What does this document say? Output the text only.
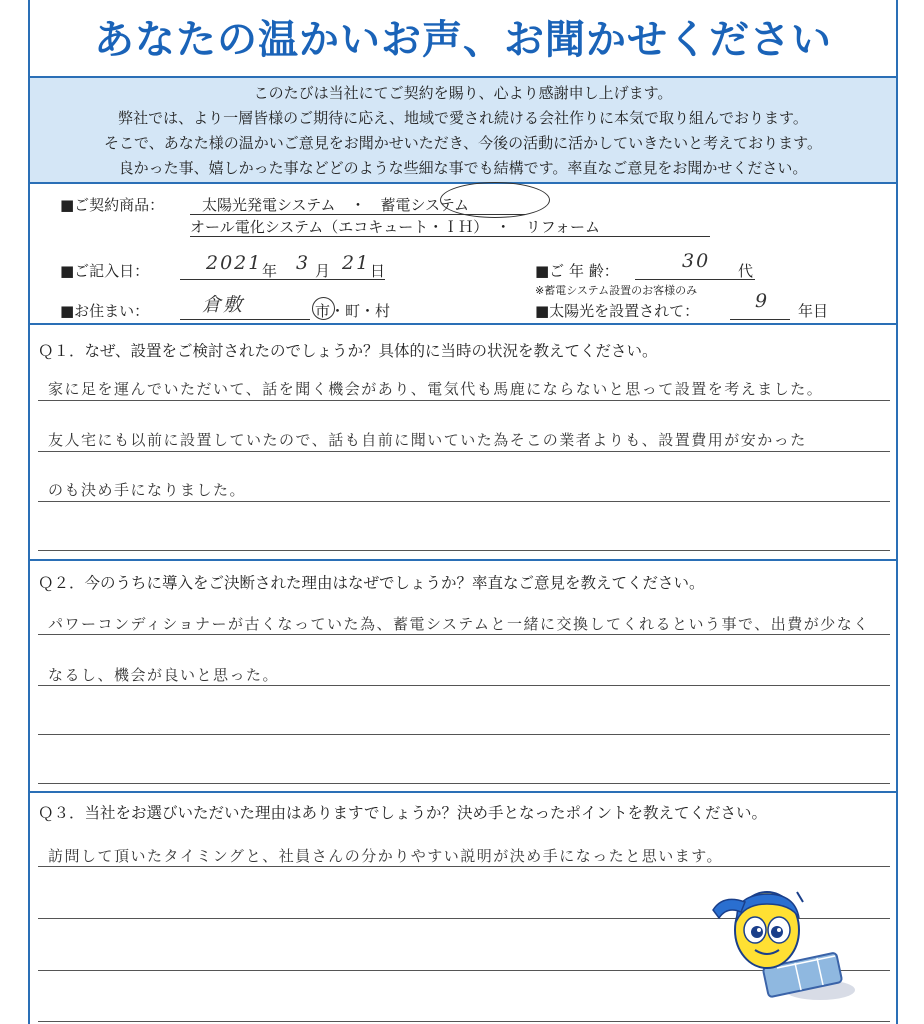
あなたの温かいお声、お聞かせください

このたびは当社にてご契約を賜り、心より感謝申し上げます。

弊社では、より一層皆様のご期待に応え、地域で愛され続ける会社作りに本気で取り組んでおります。

そこで、あなた様の温かいご意見をお聞かせいただき、今後の活動に活かしていきたいと考えております。

良かった事、嬉しかった事などどのような些細な事でも結構です。率直なご意見をお聞かせください。

■ご契約商品：	太陽光発電システム　・　蓄電システム
オール電化システム（エコキュート・ＩＨ）　・　リフォーム
■ご記入日：	2021 年 3 月 21 日	■ご 年 齢：	30 代
※蓄電システム設置のお客様のみ
■お住まい：	倉敷	市・町・村	■太陽光を設置されて：	9 年目
Ｑ１．なぜ、設置をご検討されたのでしょうか？具体的に当時の状況を教えてください。
家に足を運んでいただいて、話を聞く機会があり、電気代も馬鹿にならないと思って設置を考えました。
友人宅にも以前に設置していたので、話も自前に聞いていた為そこの業者よりも、設置費用が安かった
のも決め手になりました。
Ｑ２．今のうちに導入をご決断された理由はなぜでしょうか？率直なご意見を教えてください。
パワーコンディショナーが古くなっていた為、蓄電システムと一緒に交換してくれるという事で、出費が少なく
なるし、機会が良いと思った。
Ｑ３．当社をお選びいただいた理由はありますでしょうか？決め手となったポイントを教えてください。
訪問して頂いたタイミングと、社員さんの分かりやすい説明が決め手になったと思います。
